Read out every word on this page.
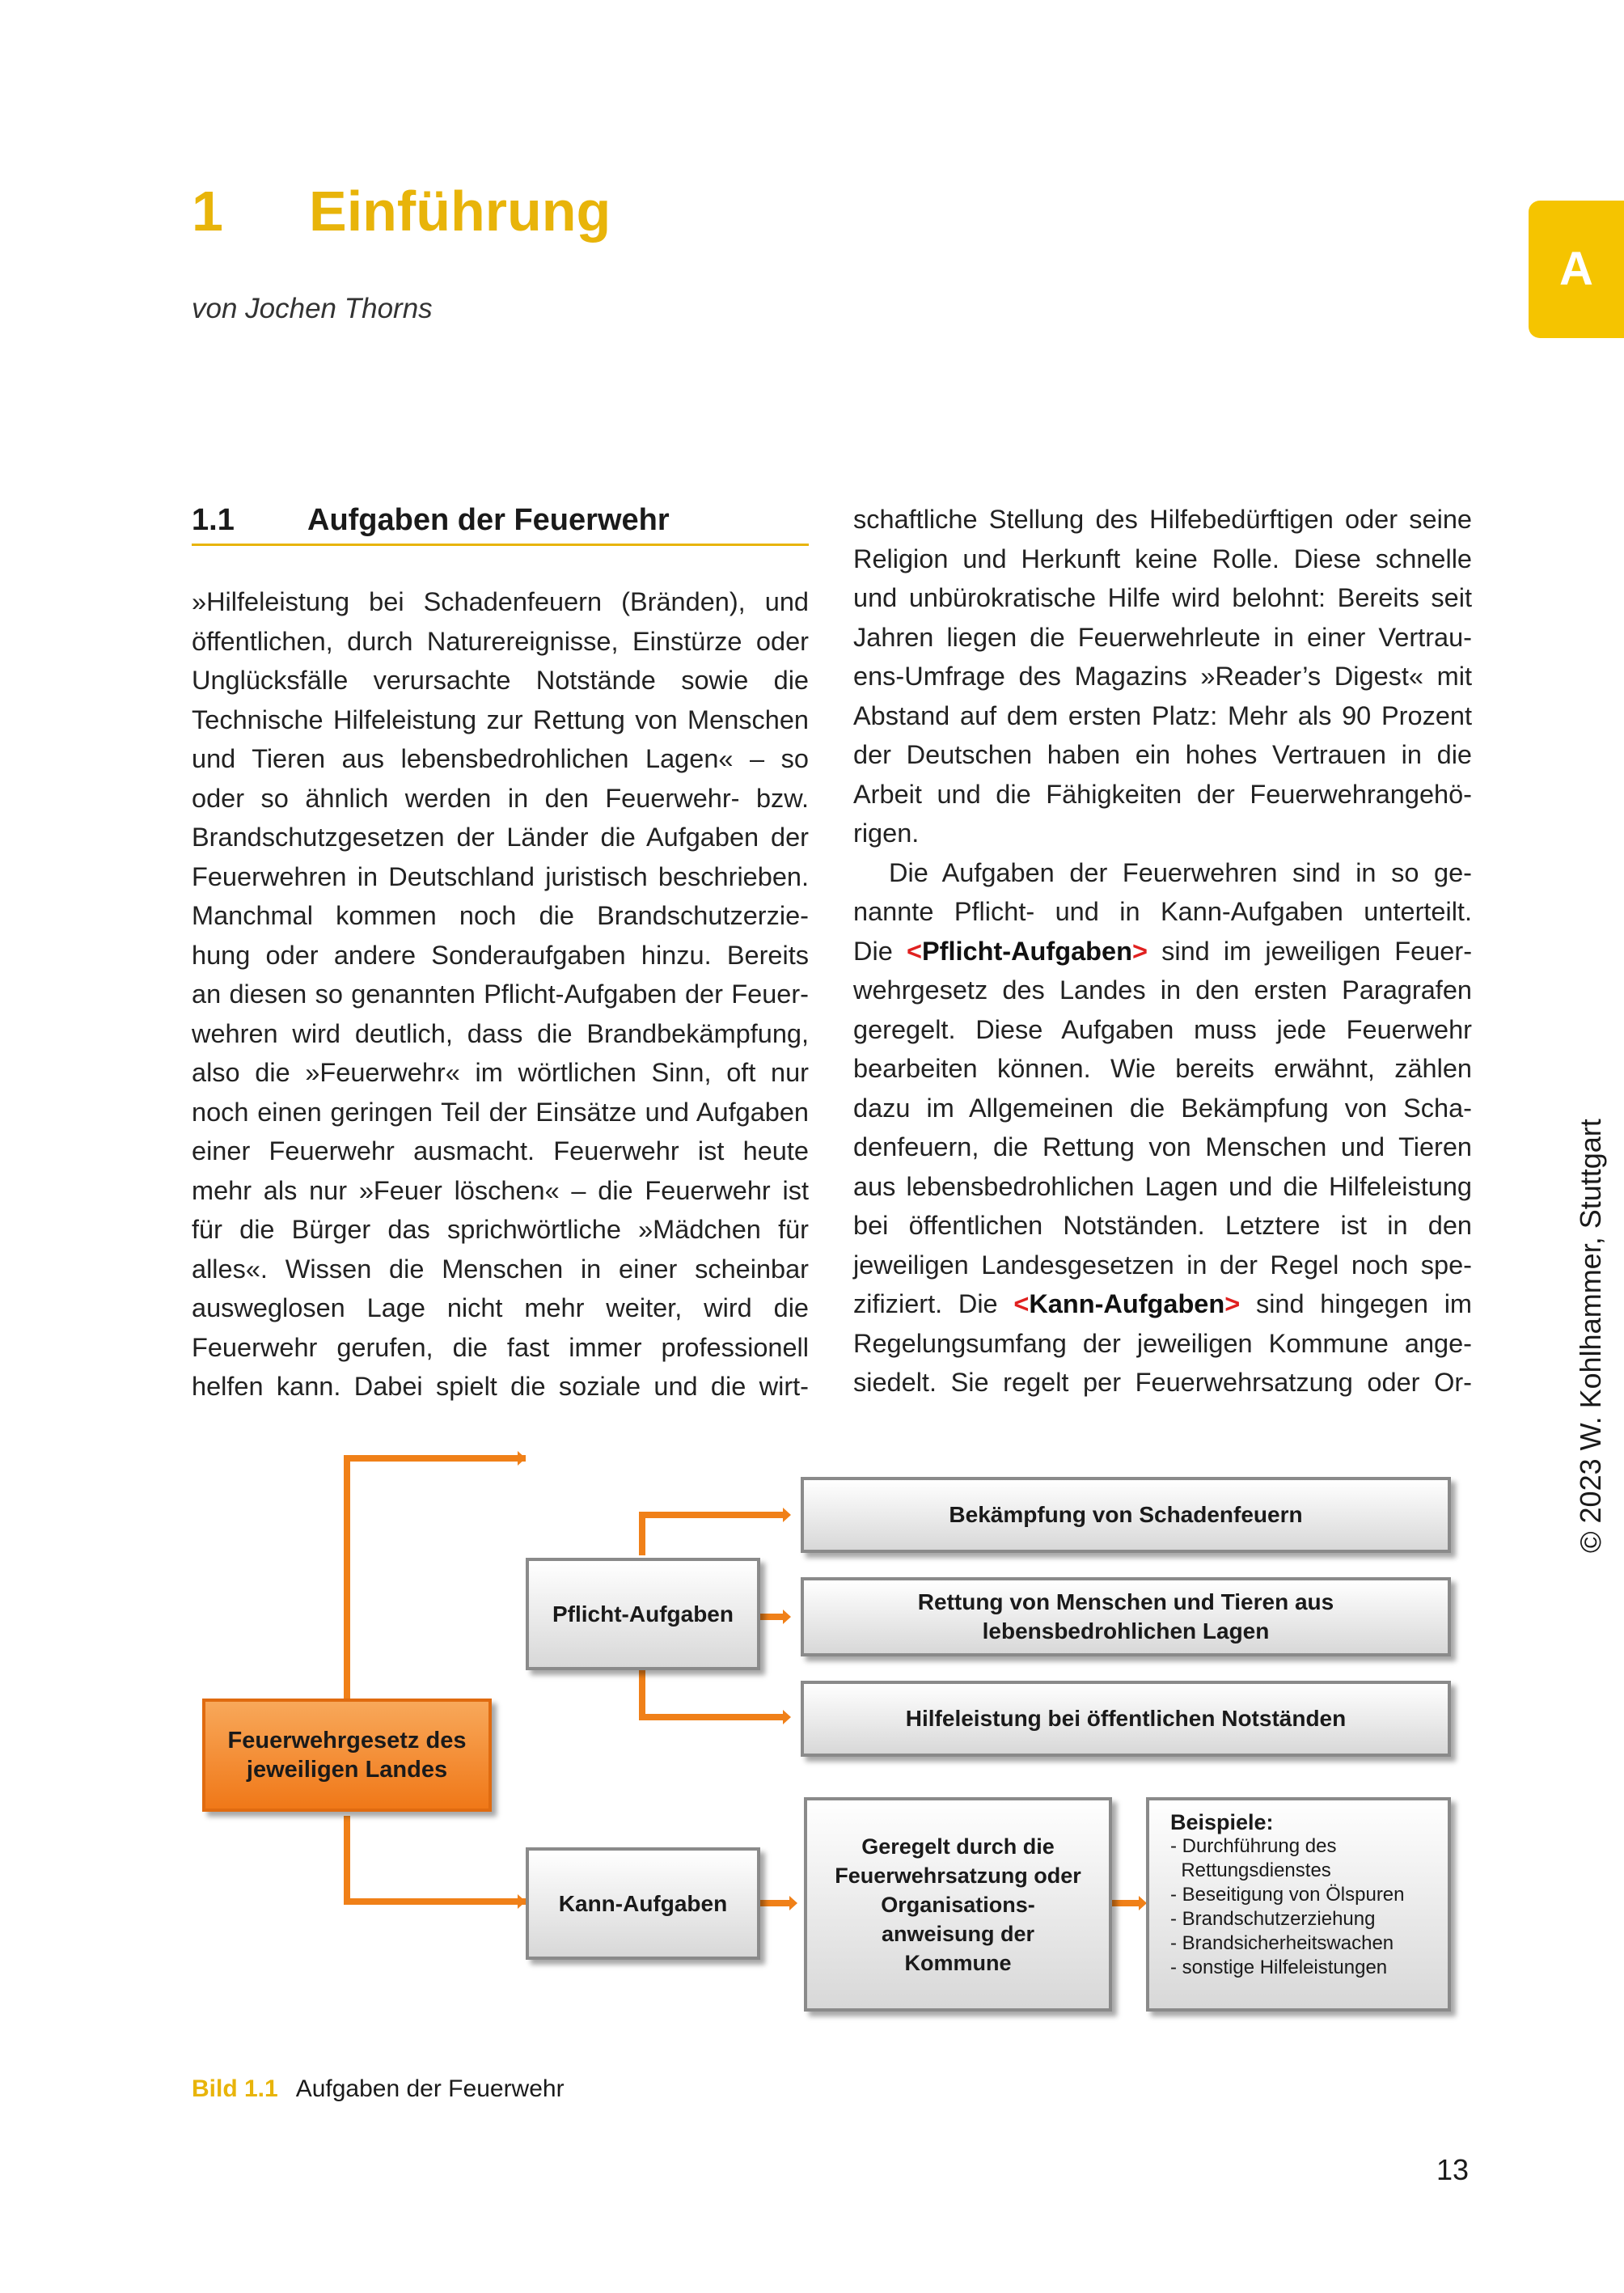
1 Einführung
von Jochen Thorns
A
1.1 Aufgaben der Feuerwehr

»Hilfeleistung bei Schadenfeuern (Bränden), und
öffentlichen, durch Naturereignisse, Einstürze oder
Unglücksfälle verursachte Notstände sowie die
Technische Hilfeleistung zur Rettung von Menschen
und Tieren aus lebensbedrohlichen Lagen« – so
oder so ähnlich werden in den Feuerwehr- bzw.
Brandschutzgesetzen der Länder die Aufgaben der
Feuerwehren in Deutschland juristisch beschrieben.
Manchmal kommen noch die Brandschutzerzie-
hung oder andere Sonderaufgaben hinzu. Bereits
an diesen so genannten Pflicht-Aufgaben der Feuer-
wehren wird deutlich, dass die Brandbekämpfung,
also die »Feuerwehr« im wörtlichen Sinn, oft nur
noch einen geringen Teil der Einsätze und Aufgaben
einer Feuerwehr ausmacht. Feuerwehr ist heute
mehr als nur »Feuer löschen« – die Feuerwehr ist
für die Bürger das sprichwörtliche »Mädchen für
alles«. Wissen die Menschen in einer scheinbar
ausweglosen Lage nicht mehr weiter, wird die
Feuerwehr gerufen, die fast immer professionell
helfen kann. Dabei spielt die soziale und die wirt-

schaftliche Stellung des Hilfebedürftigen oder seine
Religion und Herkunft keine Rolle. Diese schnelle
und unbürokratische Hilfe wird belohnt: Bereits seit
Jahren liegen die Feuerwehrleute in einer Vertrau-
ens-Umfrage des Magazins »Reader’s Digest« mit
Abstand auf dem ersten Platz: Mehr als 90 Prozent
der Deutschen haben ein hohes Vertrauen in die
Arbeit und die Fähigkeiten der Feuerwehrangehö-
rigen.

Die Aufgaben der Feuerwehren sind in so ge-
nannte Pflicht- und in Kann-Aufgaben unterteilt.
Die <Pflicht-Aufgaben> sind im jeweiligen Feuer-
wehrgesetz des Landes in den ersten Paragrafen
geregelt. Diese Aufgaben muss jede Feuerwehr
bearbeiten können. Wie bereits erwähnt, zählen
dazu im Allgemeinen die Bekämpfung von Scha-
denfeuern, die Rettung von Menschen und Tieren
aus lebensbedrohlichen Lagen und die Hilfeleistung
bei öffentlichen Notständen. Letztere ist in den
jeweiligen Landesgesetzen in der Regel noch spe-
zifiziert. Die <Kann-Aufgaben> sind hingegen im
Regelungsumfang der jeweiligen Kommune ange-
siedelt. Sie regelt per Feuerwehrsatzung oder Or-

Feuerwehrgesetz des jeweiligen Landes
Pflicht-Aufgaben
Kann-Aufgaben
Bekämpfung von Schadenfeuern
Rettung von Menschen und Tieren aus lebensbedrohlichen Lagen
Hilfeleistung bei öffentlichen Notständen
Geregelt durch die Feuerwehrsatzung oder Organisations-anweisung der Kommune
Beispiele:
- Durchführung des
Rettungsdienstes
- Beseitigung von Ölspuren
- Brandschutzerziehung
- Brandsicherheitswachen
- sonstige Hilfeleistungen
Bild 1.1 Aufgaben der Feuerwehr
13
© 2023 W. Kohlhammer, Stuttgart
